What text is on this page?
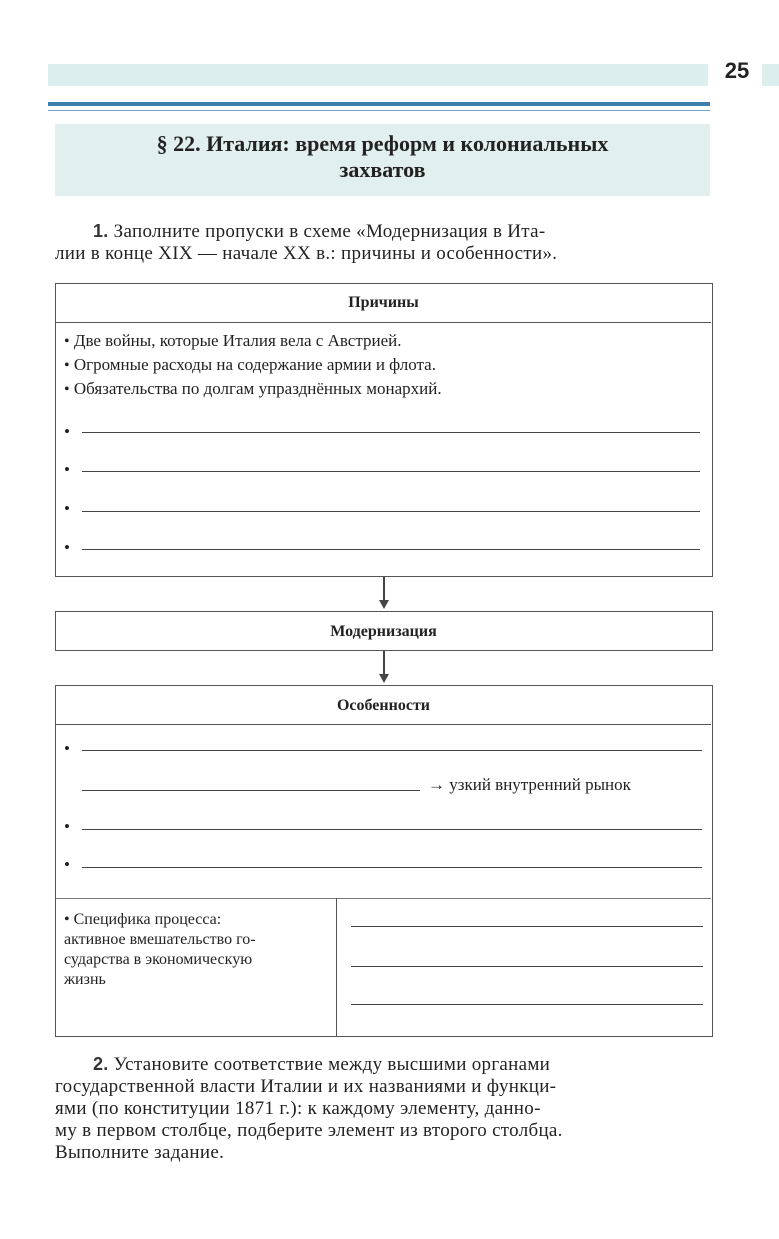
25
§ 22. Италия: время реформ и колониальных
захватов
1. Заполните пропуски в схеме «Модернизация в Ита-
лии в конце XIX — начале XX в.: причины и особенности».
Причины
• Две войны, которые Италия вела с Австрией.
• Огромные расходы на содержание армии и флота.
• Обязательства по долгам упразднённых монархий.
•
•
•
•
Модернизация
Особенности
•
→ узкий внутренний рынок
•
•
• Специфика процесса:
активное вмешательство го-
сударства в экономическую
жизнь
2. Установите соответствие между высшими органами
государственной власти Италии и их названиями и функци-
ями (по конституции 1871 г.): к каждому элементу, данно-
му в первом столбце, подберите элемент из второго столбца.
Выполните задание.
